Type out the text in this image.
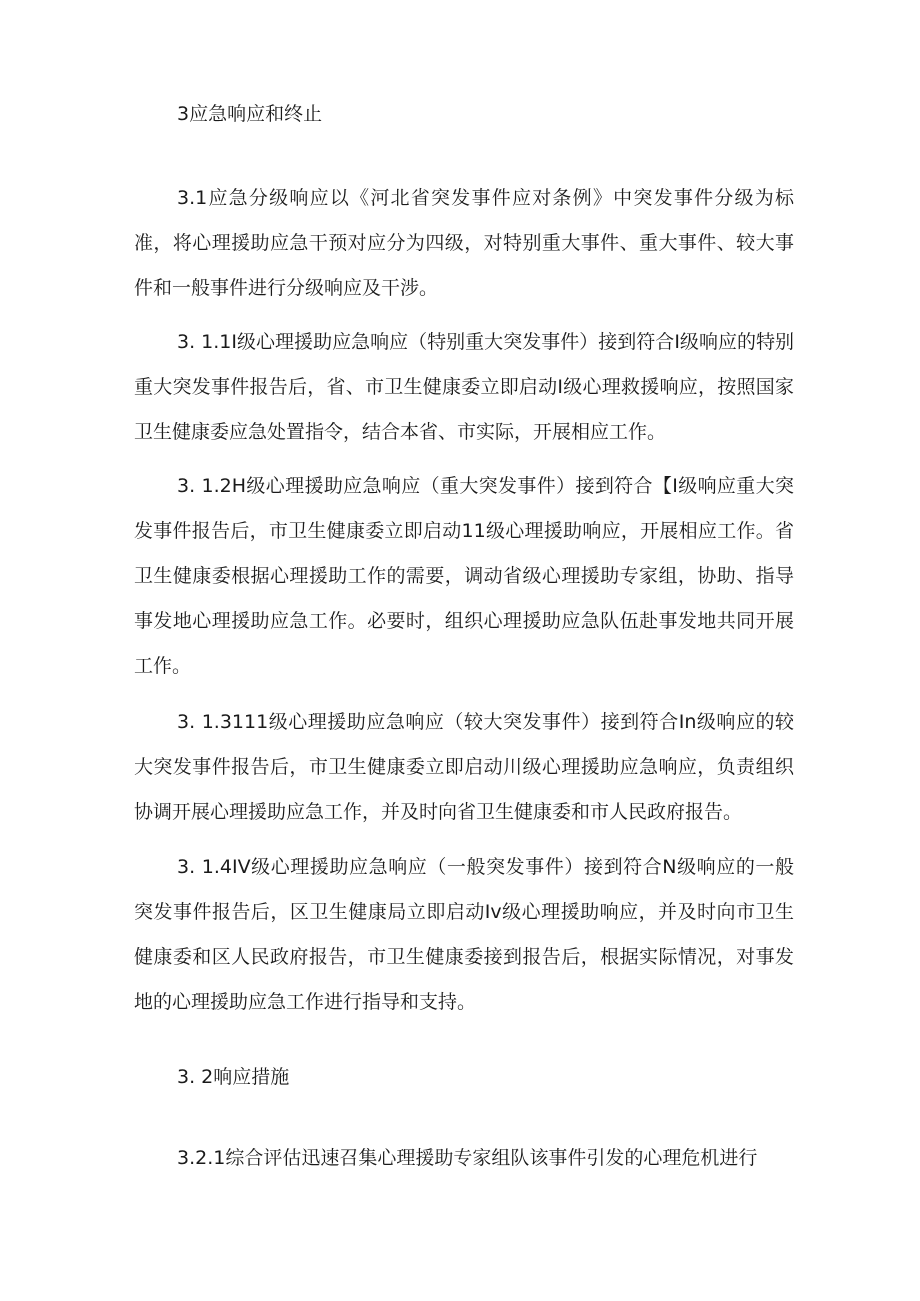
3应急响应和终止

3.1应急分级响应以《河北省突发事件应对条例》中突发事件分级为标准，将心理援助应急干预对应分为四级，对特别重大事件、重大事件、较大事件和一般事件进行分级响应及干涉。

3. 1.1I级心理援助应急响应（特别重大突发事件）接到符合I级响应的特别重大突发事件报告后，省、市卫生健康委立即启动I级心理救援响应，按照国家卫生健康委应急处置指令，结合本省、市实际，开展相应工作。

3. 1.2H级心理援助应急响应（重大突发事件）接到符合【I级响应重大突发事件报告后，市卫生健康委立即启动11级心理援助响应，开展相应工作。省卫生健康委根据心理援助工作的需要，调动省级心理援助专家组，协助、指导事发地心理援助应急工作。必要时，组织心理援助应急队伍赴事发地共同开展工作。

3. 1.3111级心理援助应急响应（较大突发事件）接到符合In级响应的较大突发事件报告后，市卫生健康委立即启动川级心理援助应急响应，负责组织协调开展心理援助应急工作，并及时向省卫生健康委和市人民政府报告。

3. 1.4IV级心理援助应急响应（一般突发事件）接到符合N级响应的一般突发事件报告后，区卫生健康局立即启动Iv级心理援助响应，并及时向市卫生健康委和区人民政府报告，市卫生健康委接到报告后，根据实际情况，对事发地的心理援助应急工作进行指导和支持。

3. 2响应措施

3.2.1综合评估迅速召集心理援助专家组队该事件引发的心理危机进行
